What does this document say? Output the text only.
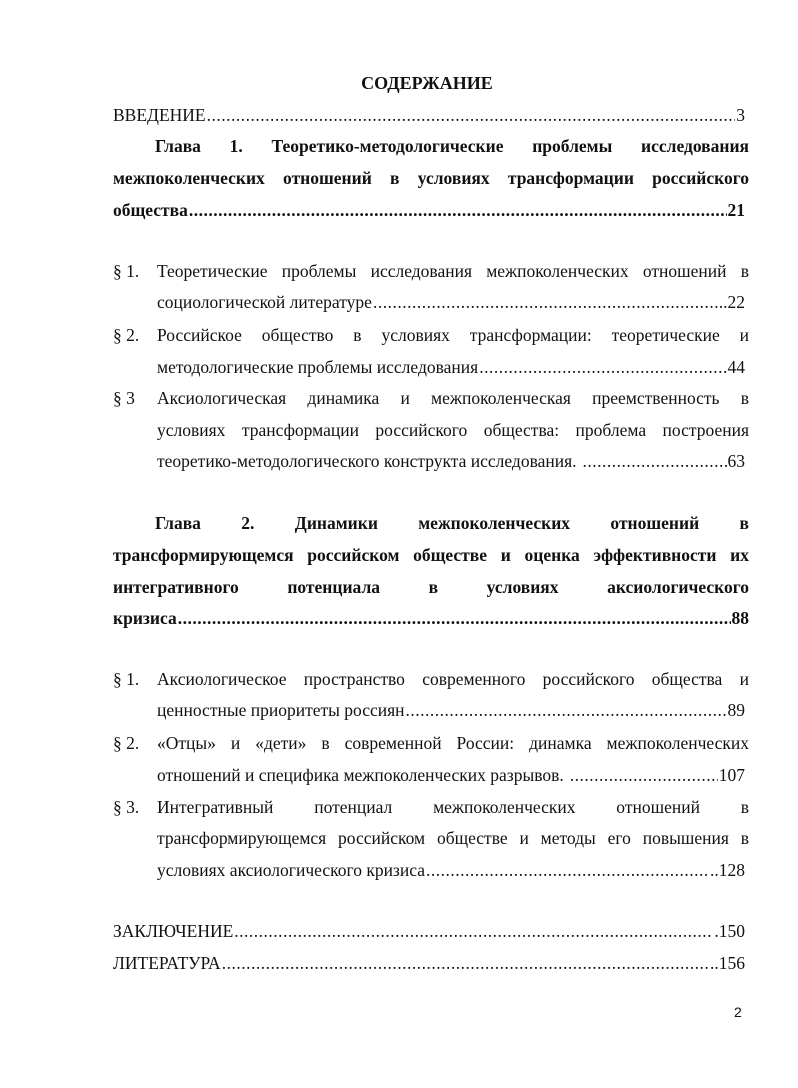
СОДЕРЖАНИЕ
ВВЕДЕНИЕ .....	3
Глава 1. Теоретико-методологические проблемы исследования
межпоколенческих отношений в условиях трансформации российского
общества .....	21
§ 1. Теоретические проблемы исследования межпоколенческих отношений в
социологической литературе .....	..22
§ 2. Российское общество в условиях трансформации: теоретические и
методологические проблемы исследования .....	44
§ 3 Аксиологическая динамика и межпоколенческая преемственность в
условиях трансформации российского общества: проблема построения
теоретико-методологического конструкта исследования. .....	63
Глава 2. Динамики межпоколенческих отношений в
трансформирующемся российском обществе и оценка эффективности их
интегративного	потенциала	в	условиях	аксиологического
кризиса .....	88
§ 1. Аксиологическое пространство современного российского общества и
ценностные приоритеты россиян .....	89
§ 2. «Отцы» и «дети» в современной России: динамка межпоколенческих
отношений и специфика межпоколенческих разрывов. .....	107
§ 3. Интегративный потенциал межпоколенческих отношений в
трансформирующемся российском обществе и методы его повышения в
условиях аксиологического кризиса .....	..128
ЗАКЛЮЧЕНИЕ .....	.150
ЛИТЕРАТУРА .....	..156
2
